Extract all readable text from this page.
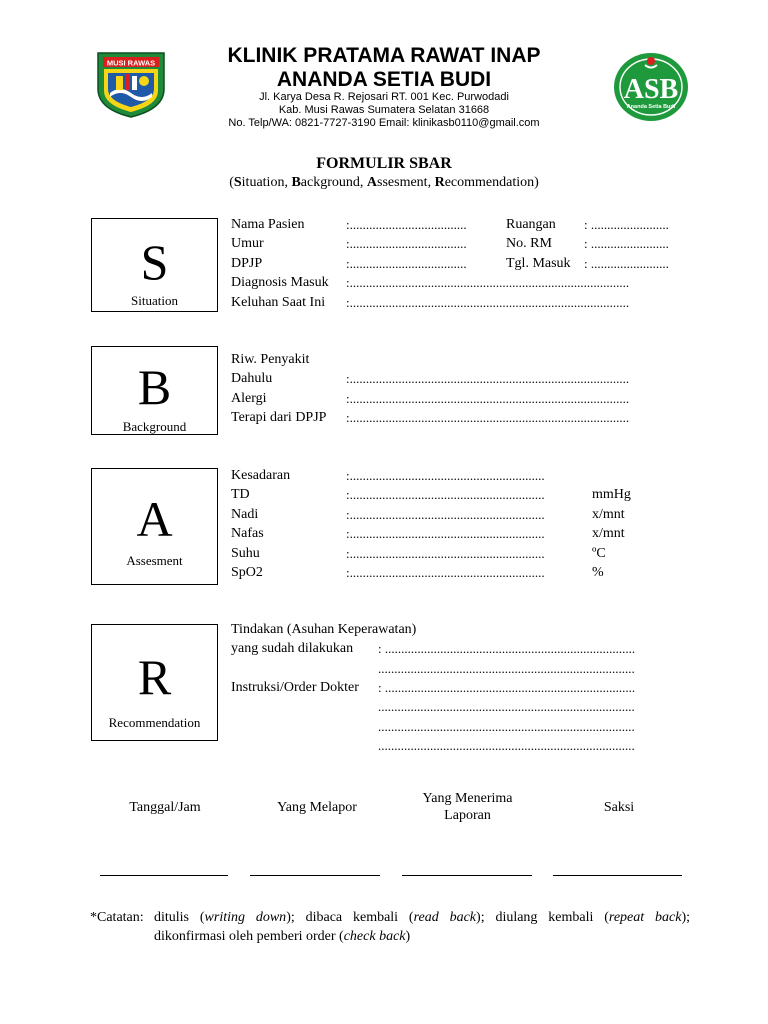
MUSI RAWAS	KLINIK PRATAMA RAWAT INAP
ANANDA SETIA BUDI
Jl. Karya Desa R. Rejosari RT. 001 Kec. Purwodadi
Kab. Musi Rawas Sumatera Selatan 31668
No. Telp/WA: 0821-7727-3190 Email: klinikasb0110@gmail.com
ASB
Ananda Setia Budi
FORMULIR SBAR
(Situation, Background, Assesment, Recommendation)
S
Situation
Nama Pasien	:....................................	Ruangan : ........................
Umur	:....................................	No. RM : ........................
DPJP	:....................................	Tgl. Masuk : ........................
Diagnosis Masuk :......................................................................................
Keluhan Saat Ini :......................................................................................
B
Background
Riw. Penyakit
Dahulu	:......................................................................................
Alergi	:......................................................................................
Terapi dari DPJP :......................................................................................
A
Assesment
Kesadaran	:............................................................
TD	:............................................................	mmHg
Nadi	:............................................................	x/mnt
Nafas	:............................................................	x/mnt
Suhu	:............................................................	ºC
SpO2	:............................................................	%
R
Recommendation
Tindakan (Asuhan Keperawatan)
yang sudah dilakukan : .............................................................................
...............................................................................
Instruksi/Order Dokter : .............................................................................
...............................................................................
...............................................................................
...............................................................................
Tanggal/Jam	Yang Melapor
Yang Menerima
Laporan
Saksi
*Catatan: ditulis (writing down); dibaca kembali (read back); diulang kembali (repeat back);
dikonfirmasi oleh pemberi order (check back)
